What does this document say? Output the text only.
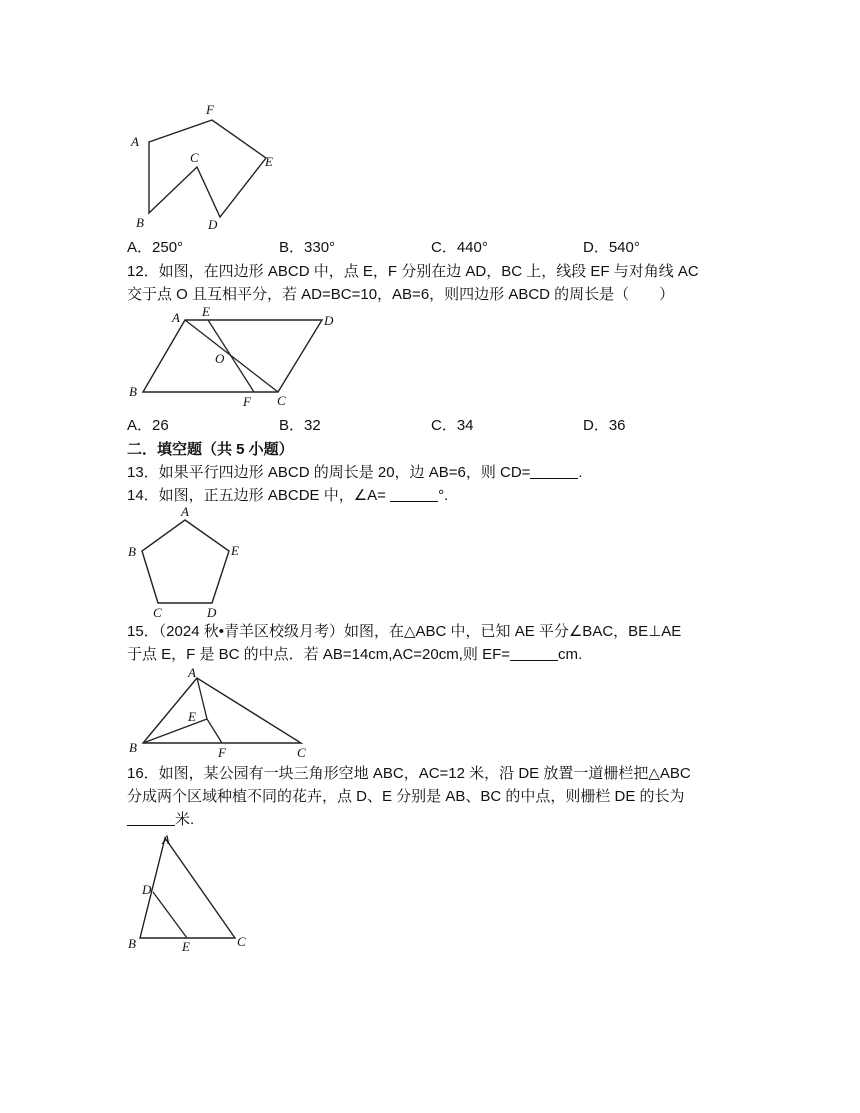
A
F
E
C
B	D
A．250°	B．330°	C．440°	D．540°
12．如图，在四边形 ABCD 中，点 E，F 分别在边 AD，BC 上，线段 EF 与对角线 AC
交于点 O 且互相平分，若 AD=BC=10，AB=6，则四边形 ABCD 的周长是（　　）
A E
D
O
B
F C
A．26	B．32	C．34	D．36
二．填空题（共 5 小题）
13．如果平行四边形 ABCD 的周长是 20，边 AB=6，则 CD=	.
14．如图，正五边形 ABCDE 中，∠A=	°.
A
B	E
C	D
15．（2024 秋•青羊区校级月考）如图，在△ABC 中，已知 AE 平分∠BAC，BE⊥AE
于点 E，F 是 BC 的中点．若 AB=14cm,AC=20cm,则 EF=	cm.
A
E
B	F	C
16．如图，某公园有一块三角形空地 ABC，AC=12 米，沿 DE 放置一道栅栏把△ABC
分成两个区域种植不同的花卉，点 D、E 分别是 AB、BC 的中点，则栅栏 DE 的长为
米.
A
D
B	E	C
